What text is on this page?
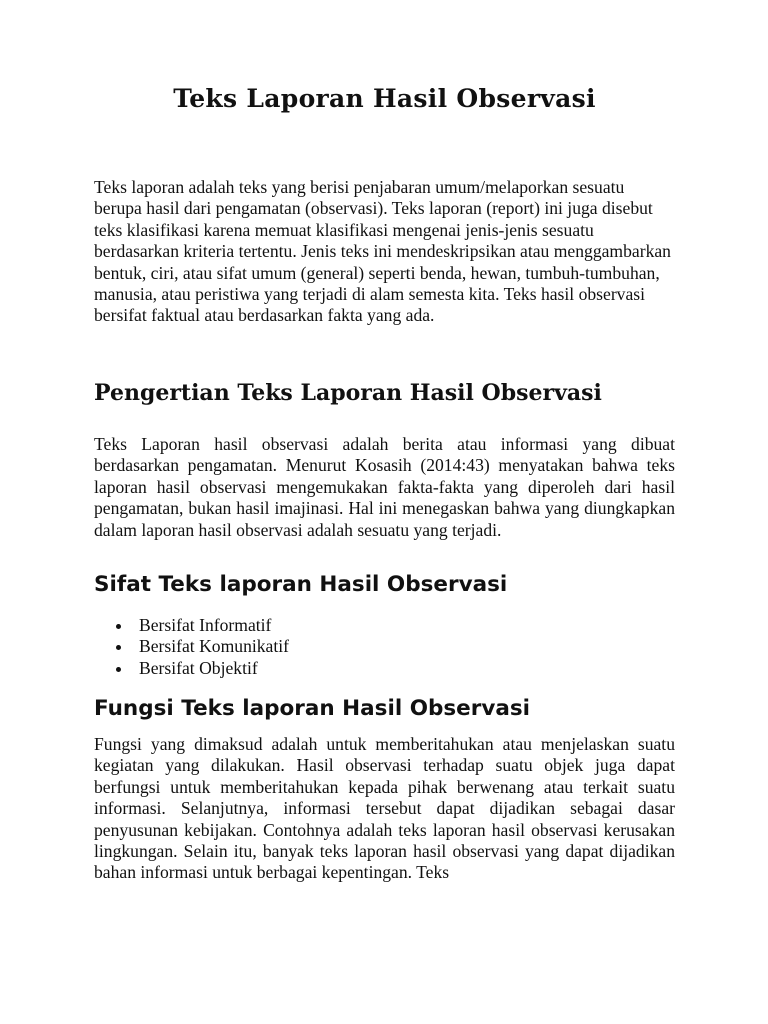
Teks Laporan Hasil Observasi

Teks laporan adalah teks yang berisi penjabaran umum/melaporkan sesuatu berupa hasil dari pengamatan (observasi). Teks laporan (report) ini juga disebut teks klasifikasi karena memuat klasifikasi mengenai jenis-jenis sesuatu berdasarkan kriteria tertentu. Jenis teks ini mendeskripsikan atau menggambarkan bentuk, ciri, atau sifat umum (general) seperti benda, hewan, tumbuh-tumbuhan, manusia, atau peristiwa yang terjadi di alam semesta kita. Teks hasil observasi bersifat faktual atau berdasarkan fakta yang ada.

Pengertian Teks Laporan Hasil Observasi

Teks Laporan hasil observasi adalah berita atau informasi yang dibuat berdasarkan pengamatan. Menurut Kosasih (2014:43) menyatakan bahwa teks laporan hasil observasi mengemukakan fakta-fakta yang diperoleh dari hasil pengamatan, bukan hasil imajinasi. Hal ini menegaskan bahwa yang diungkapkan dalam laporan hasil observasi adalah sesuatu yang terjadi.

Sifat Teks laporan Hasil Observasi
Bersifat Informatif
Bersifat Komunikatif
Bersifat Objektif
Fungsi Teks laporan Hasil Observasi

Fungsi yang dimaksud adalah untuk memberitahukan atau menjelaskan suatu kegiatan yang dilakukan. Hasil observasi terhadap suatu objek juga dapat berfungsi untuk memberitahukan kepada pihak berwenang atau terkait suatu informasi. Selanjutnya, informasi tersebut dapat dijadikan sebagai dasar penyusunan kebijakan. Contohnya adalah teks laporan hasil observasi kerusakan lingkungan. Selain itu, banyak teks laporan hasil observasi yang dapat dijadikan bahan informasi untuk berbagai kepentingan. Teks
